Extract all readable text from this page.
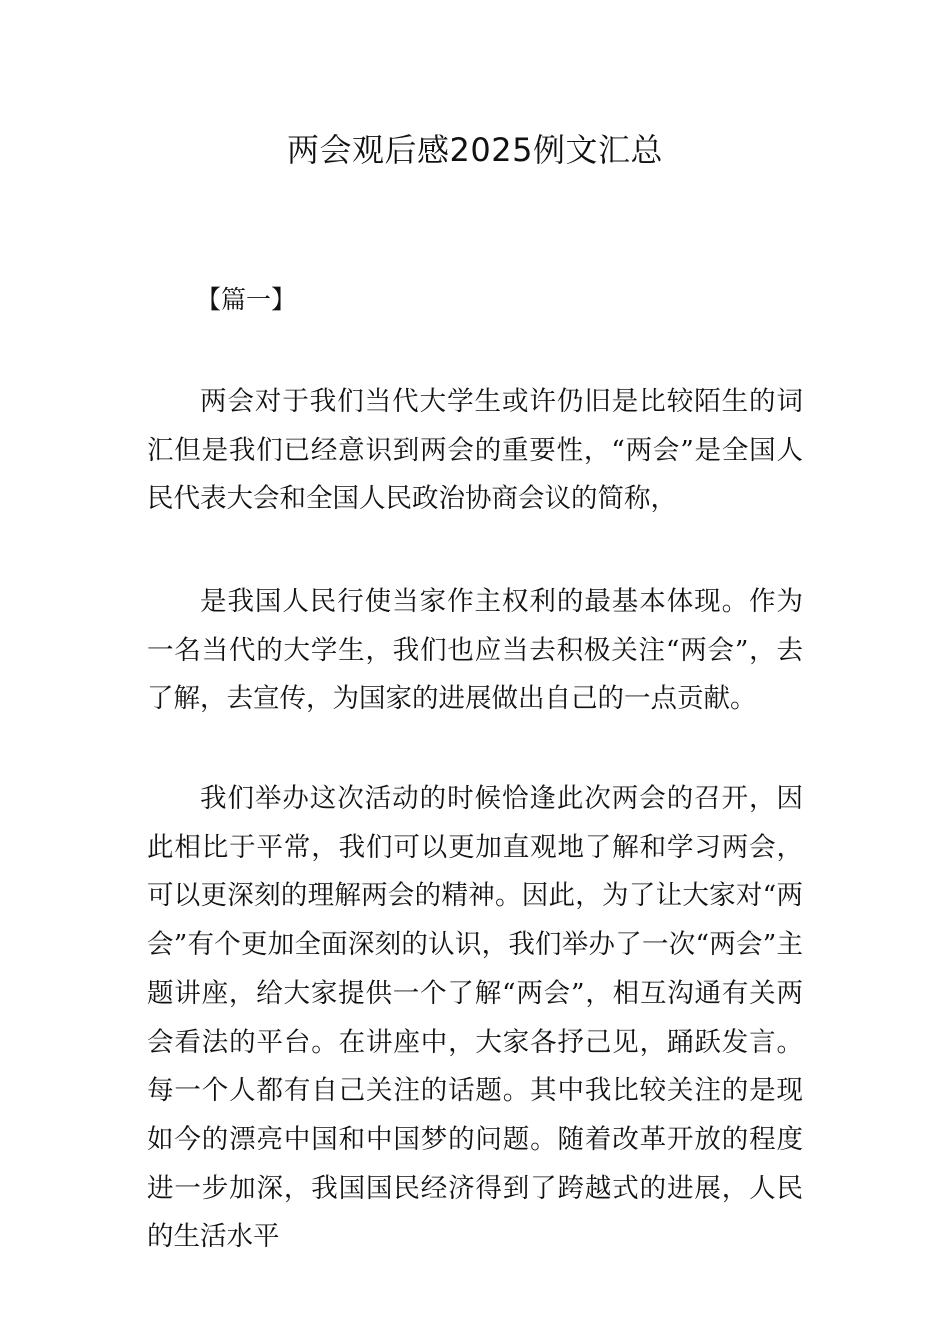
两会观后感2025例文汇总
【篇一】

两会对于我们当代大学生或许仍旧是比较陌生的词汇但是我们已经意识到两会的重要性，“两会”是全国人民代表大会和全国人民政治协商会议的简称，

是我国人民行使当家作主权利的最基本体现。作为一名当代的大学生，我们也应当去积极关注“两会”，去了解，去宣传，为国家的进展做出自己的一点贡献。

我们举办这次活动的时候恰逢此次两会的召开，因此相比于平常，我们可以更加直观地了解和学习两会，可以更深刻的理解两会的精神。因此，为了让大家对“两会”有个更加全面深刻的认识，我们举办了一次“两会”主题讲座，给大家提供一个了解“两会”，相互沟通有关两会看法的平台。在讲座中，大家各抒己见，踊跃发言。每一个人都有自己关注的话题。其中我比较关注的是现如今的漂亮中国和中国梦的问题。随着改革开放的程度进一步加深，我国国民经济得到了跨越式的进展，人民的生活水平
